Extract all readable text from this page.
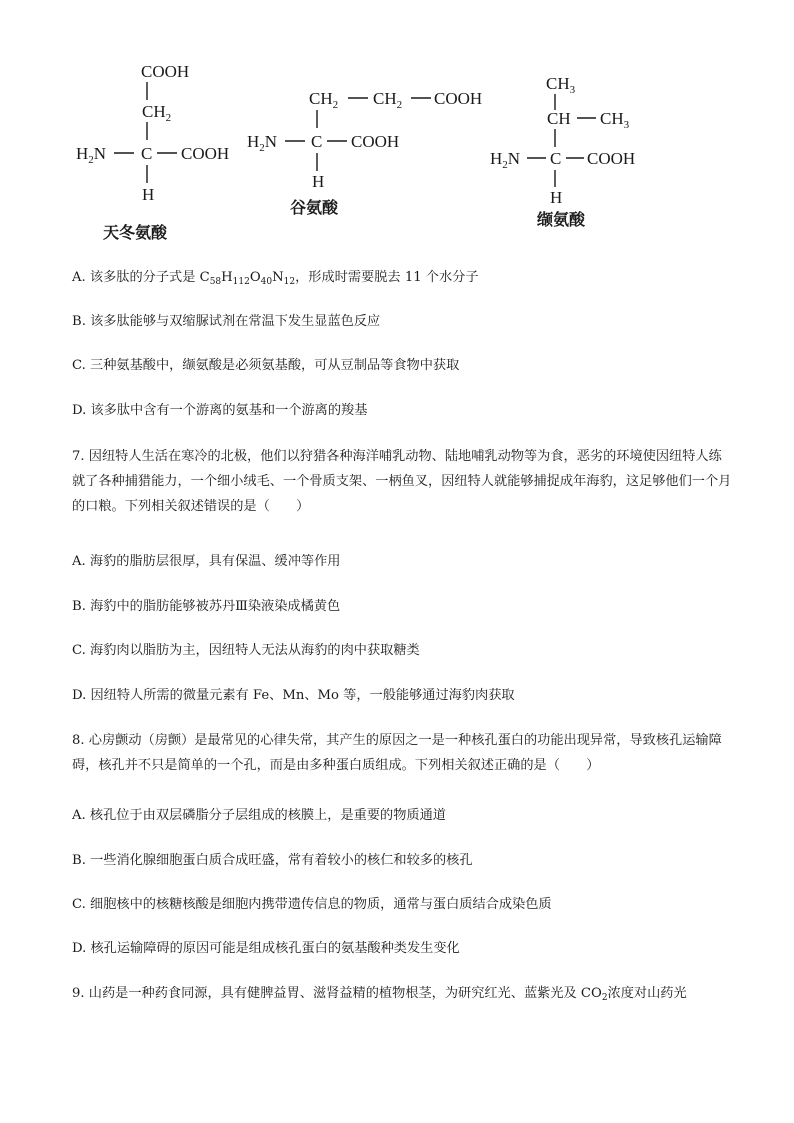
COOH
$CH_2$
$H_2N$ C COOH
H
天冬氨酸
$CH_2$ $CH_2$ COOH
$H_2N$ C COOH
H
谷氨酸
$CH_3$
CH $CH_3$
$H_2N$ C COOH
H
缬氨酸
A. 该多肽的分子式是 $C_{58}H_{112}O_{40}N_{12}$，形成时需要脱去 11 个水分子
B. 该多肽能够与双缩脲试剂在常温下发生显蓝色反应
C. 三种氨基酸中，缬氨酸是必须氨基酸，可从豆制品等食物中获取
D. 该多肽中含有一个游离的氨基和一个游离的羧基
7. 因纽特人生活在寒冷的北极，他们以狩猎各种海洋哺乳动物、陆地哺乳动物等为食，恶劣的环境使因纽特人练就了各种捕猎能力，一个细小绒毛、一个骨质支架、一柄鱼叉，因纽特人就能够捕捉成年海豹，这足够他们一个月的口粮。下列相关叙述错误的是（　　）
A. 海豹的脂肪层很厚，具有保温、缓冲等作用
B. 海豹中的脂肪能够被苏丹Ⅲ染液染成橘黄色
C. 海豹肉以脂肪为主，因纽特人无法从海豹的肉中获取糖类
D. 因纽特人所需的微量元素有 Fe、Mn、Mo 等，一般能够通过海豹肉获取
8. 心房颤动（房颤）是最常见的心律失常，其产生的原因之一是一种核孔蛋白的功能出现异常，导致核孔运输障碍，核孔并不只是简单的一个孔，而是由多种蛋白质组成。下列相关叙述正确的是（　　）
A. 核孔位于由双层磷脂分子层组成的核膜上，是重要的物质通道
B. 一些消化腺细胞蛋白质合成旺盛，常有着较小的核仁和较多的核孔
C. 细胞核中的核糖核酸是细胞内携带遗传信息的物质，通常与蛋白质结合成染色质
D. 核孔运输障碍的原因可能是组成核孔蛋白的氨基酸种类发生变化
9. 山药是一种药食同源，具有健脾益胃、滋肾益精的植物根茎，为研究红光、蓝紫光及 $CO_2$浓度对山药光
